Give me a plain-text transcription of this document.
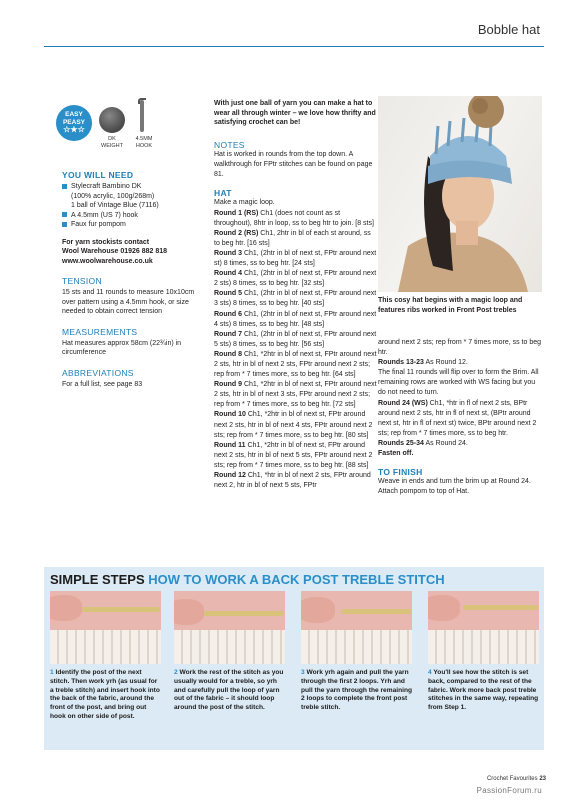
Bobble hat
EASY
PEASY
☆★☆
DK
WEIGHT
4.5MM
HOOK
YOU WILL NEED
Stylecraft Bambino DK
(100% acrylic, 100g/268m)
1 ball of Vintage Blue (7116)
A 4.5mm (US 7) hook
Faux fur pompom
For yarn stockists contact
Wool Warehouse 01926 882 818
www.woolwarehouse.co.uk
TENSION
15 sts and 11 rounds to measure 10x10cm over pattern using a 4.5mm hook, or size needed to obtain correct tension
MEASUREMENTS
Hat measures approx 58cm (22¾in) in circumference
ABBREVIATIONS
For a full list, see page 83
With just one ball of yarn you can make a hat to wear all through winter – we love how thrifty and satisfying crochet can be!
NOTES

Hat is worked in rounds from the top down. A walkthrough for FPtr stitches can be found on page 81.

HAT

Make a magic loop.

Round 1 (RS) Ch1 (does not count as st throughout), 8htr in loop, ss to beg htr to join. [8 sts]

Round 2 (RS) Ch1, 2htr in bl of each st around, ss to beg htr. [16 sts]

Round 3 Ch1, (2htr in bl of next st, FPtr around next st) 8 times, ss to beg htr. [24 sts]

Round 4 Ch1, (2htr in bl of next st, FPtr around next 2 sts) 8 times, ss to beg htr. [32 sts]

Round 5 Ch1, (2htr in bl of next st, FPtr around next 3 sts) 8 times, ss to beg htr. [40 sts]

Round 6 Ch1, (2htr in bl of next st, FPtr around next 4 sts) 8 times, ss to beg htr. [48 sts]

Round 7 Ch1, (2htr in bl of next st, FPtr around next 5 sts) 8 times, ss to beg htr. [56 sts]

Round 8 Ch1, *2htr in bl of next st, FPtr around next 2 sts, htr in bl of next 2 sts, FPtr around next 2 sts; rep from * 7 times more, ss to beg htr. [64 sts]

Round 9 Ch1, *2htr in bl of next st, FPtr around next 2 sts, htr in bl of next 3 sts, FPtr around next 2 sts; rep from * 7 times more, ss to beg htr. [72 sts]

Round 10 Ch1, *2htr in bl of next st, FPtr around next 2 sts, htr in bl of next 4 sts, FPtr around next 2 sts; rep from * 7 times more, ss to beg htr. [80 sts]

Round 11 Ch1, *2htr in bl of next st, FPtr around next 2 sts, htr in bl of next 5 sts, FPtr around next 2 sts; rep from * 7 times more, ss to beg htr. [88 sts]

Round 12 Ch1, *htr in bl of next 2 sts, FPtr around next 2, htr in bl of next 5 sts, FPtr

This cosy hat begins with a magic loop and features ribs worked in Front Post trebles

around next 2 sts; rep from * 7 times more, ss to beg htr.

Rounds 13-23 As Round 12.

The final 11 rounds will flip over to form the Brim. All remaining rows are worked with WS facing but you do not need to turn.

Round 24 (WS) Ch1, *htr in fl of next 2 sts, BPtr around next 2 sts, htr in fl of next st, (BPtr around next st, htr in fl of next st) twice, BPtr around next 2 sts; rep from * 7 times more, ss to beg htr.

Rounds 25-34 As Round 24.

Fasten off.

TO FINISH

Weave in ends and turn the brim up at Round 24.

Attach pompom to top of Hat.

SIMPLE STEPS HOW TO WORK A BACK POST TREBLE STITCH
1 Identify the post of the next stitch. Then work yrh (as usual for a treble stitch) and insert hook into the back of the fabric, around the front of the post, and bring out hook on other side of post.
2 Work the rest of the stitch as you usually would for a treble, so yrh and carefully pull the loop of yarn out of the fabric – it should loop around the post of the stitch.
3 Work yrh again and pull the yarn through the first 2 loops. Yrh and pull the yarn through the remaining 2 loops to complete the front post treble stitch.
4 You'll see how the stitch is set back, compared to the rest of the fabric. Work more back post treble stitches in the same way, repeating from Step 1.
Crochet Favourites 23
PassionForum.ru
